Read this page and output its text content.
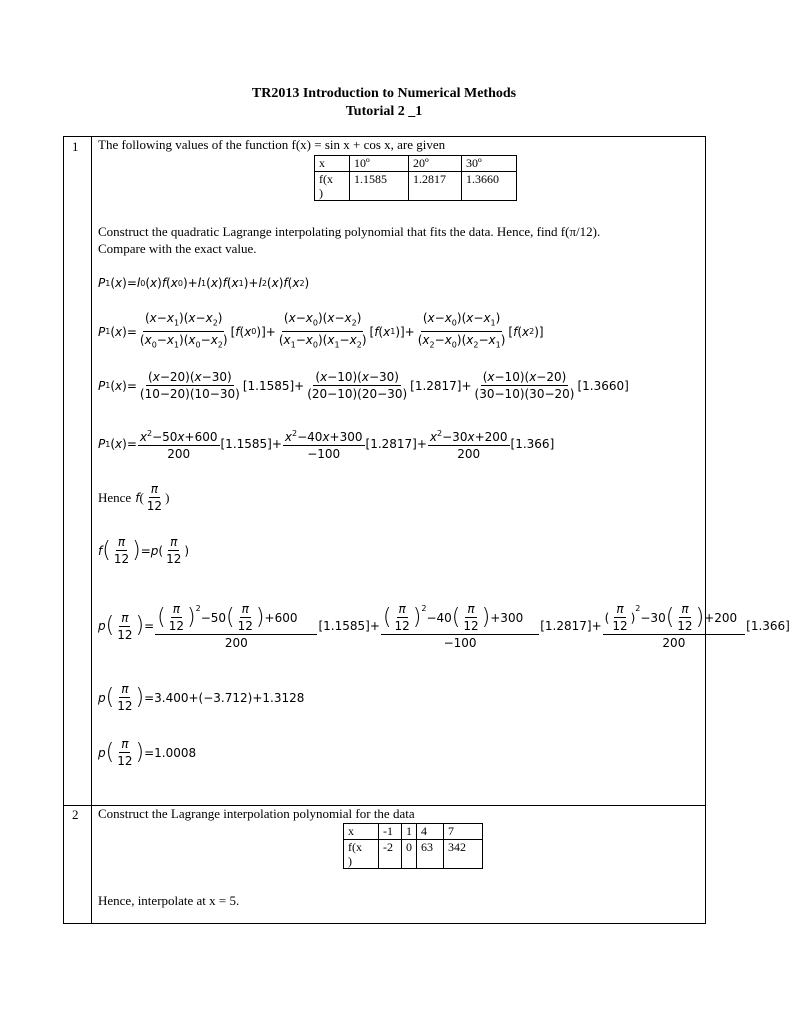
TR2013 Introduction to Numerical Methods
Tutorial 2 _1
1
2
The following values of the function f(x) = sin x + cos x, are given
x	10º	20º	30º
f(x
)	1.1585	1.2817	1.3660
Construct the quadratic Lagrange interpolating polynomial that fits the data. Hence, find f(π/12).
Compare with the exact value.
P 1 ( x )= l 0 ( x ) f ( x 0 )+ l 1 ( x ) f ( x 1 )+ l 2 ( x ) f ( x 2 )
P 1 ( x )=
$(x-x_1)(x-x_2)$
$(x_0-x_1)(x_0-x_2)$
[ f ( x 0 )]+
$(x-x_0)(x-x_2)$
$(x_1-x_0)(x_1-x_2)$
[ f ( x 1 )]+
$(x-x_0)(x-x_1)$
$(x_2-x_0)(x_2-x_1)$
[ f ( x 2 )]
P 1 ( x )=
(x−20)(x−30)
(10−20)(10−30)
[1.1585]+
(x−10)(x−30)
(20−10)(20−30)
[1.2817]+
(x−10)(x−20)
(30−10)(30−20)
[1.3660]
P 1 ( x )= $x^2-50x+600$
200
$[1.1585]+ x^2-40x+300$
−100
$[1.2817]+ x^2-30x+200$
200
[1.366]
Hence f (
π
12
)
f ( π
12 ) = p (
π
12
)
p ( π
12 ) = ( π
12 )$^2$
−50 ( π
12 ) +600
200
[1.1585]+ ( π
12 )$^2$
−40 ( π
12 ) +300
−100
[1.2817]+
(
π
12
)
$^2$
−30 ( π
12 ) +200
200
[1.366]
p ( π
12 ) =3.400+(−3.712)+1.3128
p ( π
12 ) =1.0008
Construct the Lagrange interpolation polynomial for the data
x	-1	1	4	7
f(x
)	-2	0	63	342
Hence, interpolate at x = 5.
